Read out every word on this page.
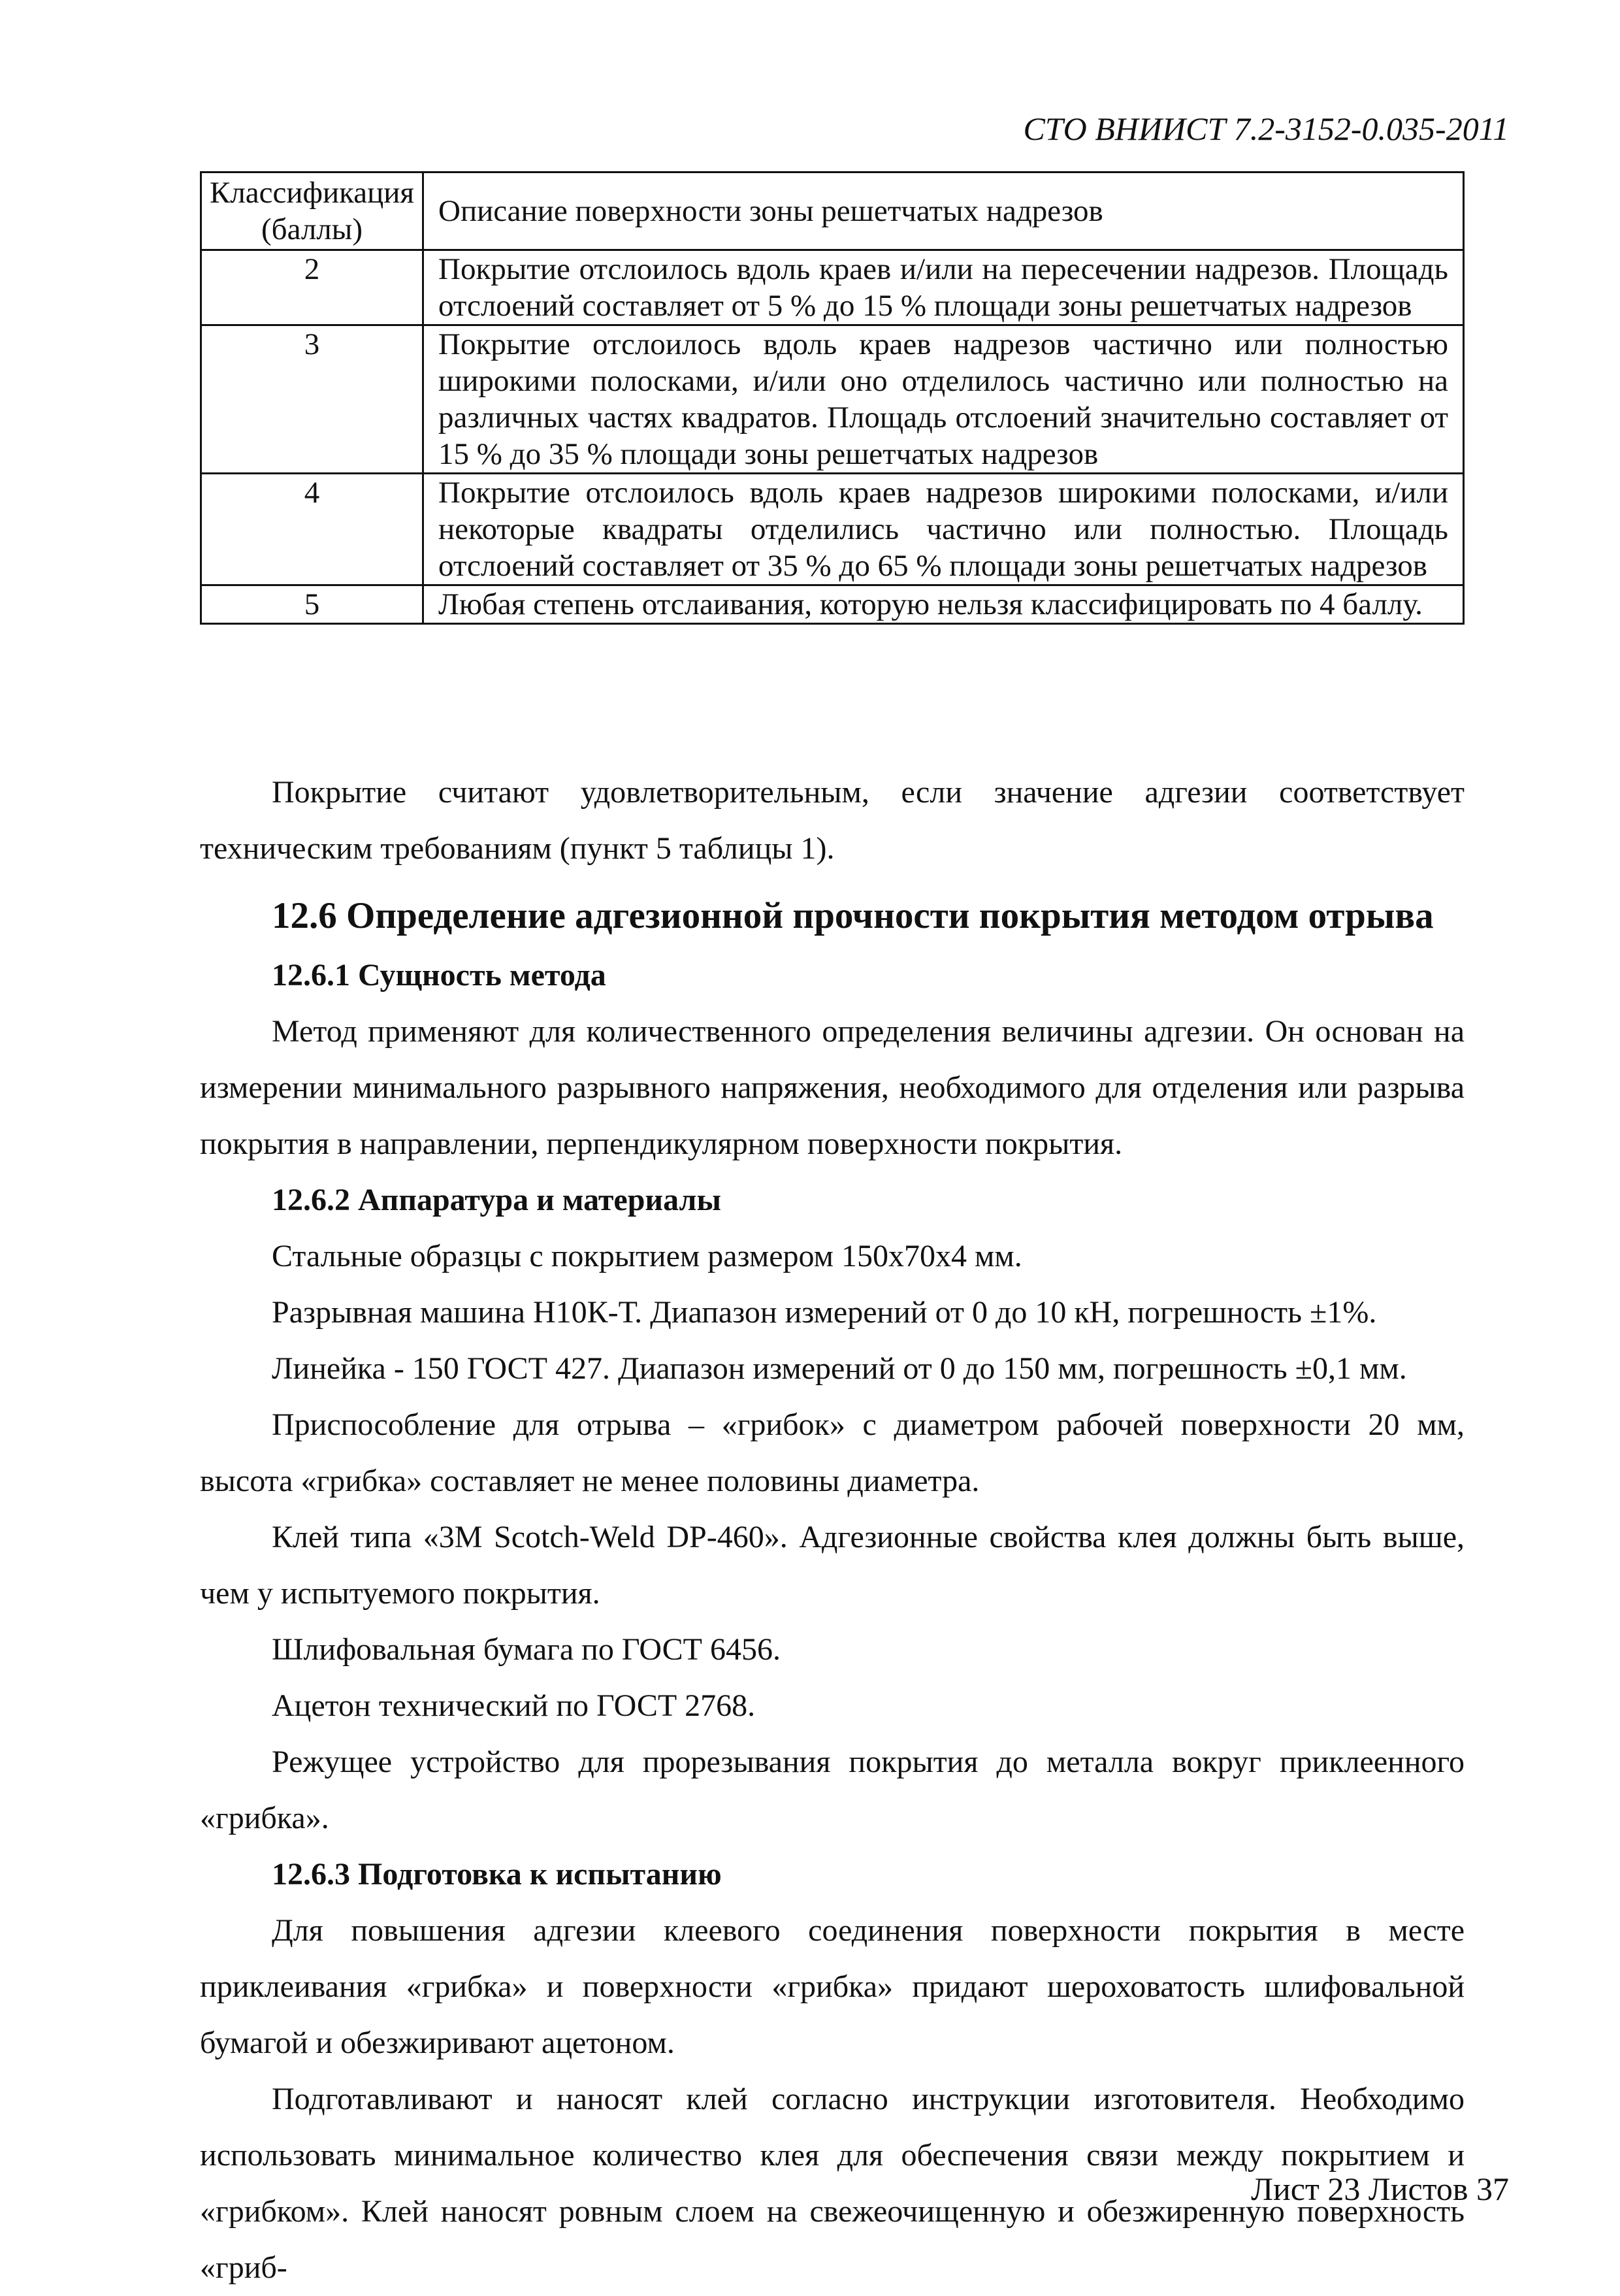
СТО ВНИИСТ 7.2-3152-0.035-2011
Классификация (баллы)	Описание поверхности зоны решетчатых надрезов
2	Покрытие отслоилось вдоль краев и/или на пересечении надрезов. Площадь отслоений составляет от 5 % до 15 % площади зоны решетчатых надрезов
3	Покрытие отслоилось вдоль краев надрезов частично или полностью широкими полосками, и/или оно отделилось частично или полностью на различных частях квадратов. Площадь отслоений значительно составляет от 15 % до 35 % площади зоны решетчатых надрезов
4	Покрытие отслоилось вдоль краев надрезов широкими полосками, и/или некоторые квадраты отделились частично или полностью. Площадь отслоений составляет от 35 % до 65 % площади зоны решетчатых надрезов
5	Любая степень отслаивания, которую нельзя классифицировать по 4 баллу.

Покрытие считают удовлетворительным, если значение адгезии соответствует техническим требованиям (пункт 5 таблицы 1).

12.6 Определение адгезионной прочности покрытия методом отрыва
12.6.1 Сущность метода

Метод применяют для количественного определения величины адгезии. Он основан на измерении минимального разрывного напряжения, необходимого для отделения или разрыва покрытия в направлении, перпендикулярном поверхности покрытия.

12.6.2 Аппаратура и материалы

Стальные образцы с покрытием размером 150х70х4 мм.

Разрывная машина Н10К-Т. Диапазон измерений от 0 до 10 кН, погрешность ±1%.

Линейка - 150 ГОСТ 427. Диапазон измерений от 0 до 150 мм, погрешность ±0,1 мм.

Приспособление для отрыва – «грибок» с диаметром рабочей поверхности 20 мм, высота «грибка» составляет не менее половины диаметра.

Клей типа «3M Scotch-Weld DP-460». Адгезионные свойства клея должны быть выше, чем у испытуемого покрытия.

Шлифовальная бумага по ГОСТ 6456.

Ацетон технический по ГОСТ 2768.

Режущее устройство для прорезывания покрытия до металла вокруг приклеенного «грибка».

12.6.3 Подготовка к испытанию

Для повышения адгезии клеевого соединения поверхности покрытия в месте приклеивания «грибка» и поверхности «грибка» придают шероховатость шлифовальной бумагой и обезжиривают ацетоном.

Подготавливают и наносят клей согласно инструкции изготовителя. Необходимо использовать минимальное количество клея для обеспечения связи между покрытием и «грибком». Клей наносят ровным слоем на свежеочищенную и обезжиренную поверхность «гриб-

Лист 23 Листов 37
